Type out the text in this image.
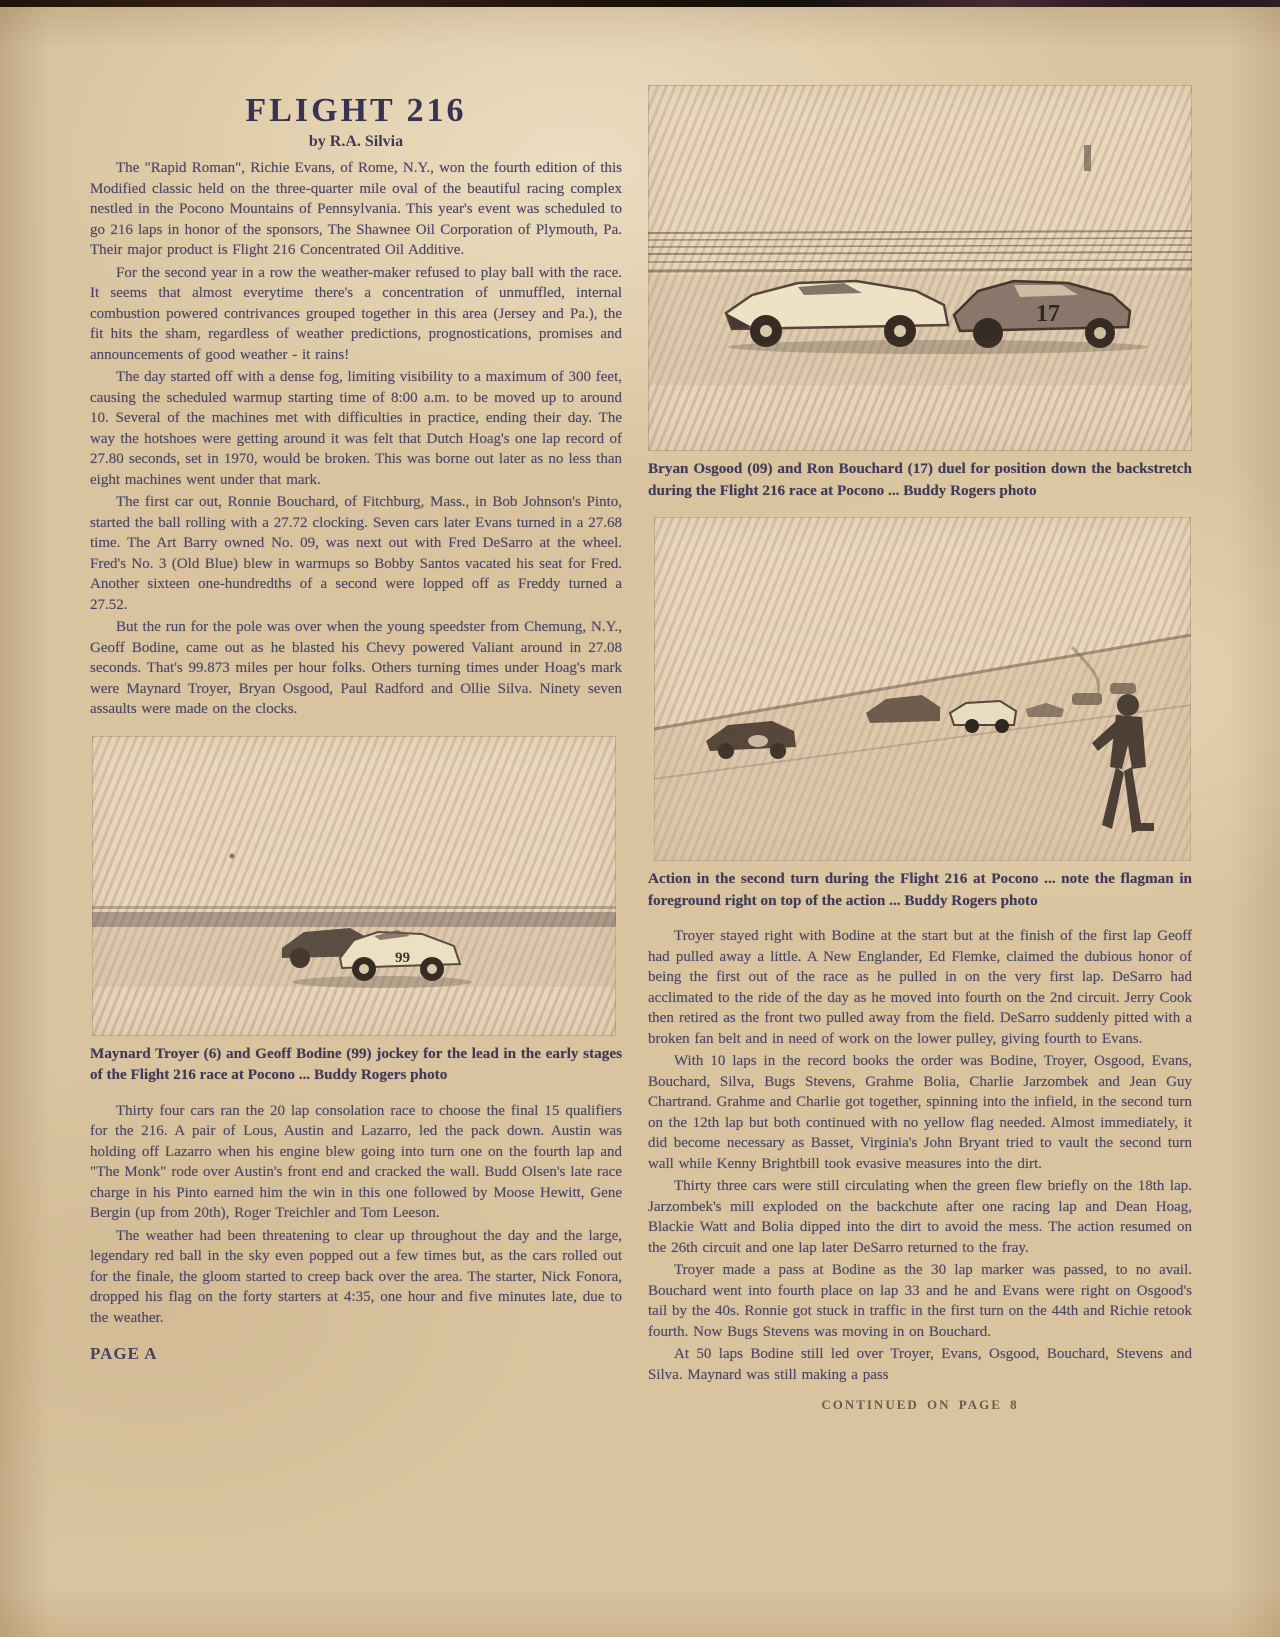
FLIGHT 216
by R.A. Silvia

The "Rapid Roman", Richie Evans, of Rome, N.Y., won the fourth edition of this Modified classic held on the three-quarter mile oval of the beautiful racing complex nestled in the Pocono Mountains of Pennsylvania. This year's event was scheduled to go 216 laps in honor of the sponsors, The Shawnee Oil Corporation of Plymouth, Pa. Their major product is Flight 216 Concentrated Oil Additive.

For the second year in a row the weather-maker refused to play ball with the race. It seems that almost everytime there's a concentration of unmuffled, internal combustion powered contrivances grouped together in this area (Jersey and Pa.), the fit hits the sham, regardless of weather predictions, prognostications, promises and announcements of good weather - it rains!

The day started off with a dense fog, limiting visibility to a maximum of 300 feet, causing the scheduled warmup starting time of 8:00 a.m. to be moved up to around 10. Several of the machines met with difficulties in practice, ending their day. The way the hotshoes were getting around it was felt that Dutch Hoag's one lap record of 27.80 seconds, set in 1970, would be broken. This was borne out later as no less than eight machines went under that mark.

The first car out, Ronnie Bouchard, of Fitchburg, Mass., in Bob Johnson's Pinto, started the ball rolling with a 27.72 clocking. Seven cars later Evans turned in a 27.68 time. The Art Barry owned No. 09, was next out with Fred DeSarro at the wheel. Fred's No. 3 (Old Blue) blew in warmups so Bobby Santos vacated his seat for Fred. Another sixteen one-hundredths of a second were lopped off as Freddy turned a 27.52.

But the run for the pole was over when the young speedster from Chemung, N.Y., Geoff Bodine, came out as he blasted his Chevy powered Valiant around in 27.08 seconds. That's 99.873 miles per hour folks. Others turning times under Hoag's mark were Maynard Troyer, Bryan Osgood, Paul Radford and Ollie Silva. Ninety seven assaults were made on the clocks.

99
Maynard Troyer (6) and Geoff Bodine (99) jockey for the lead in the early stages of the Flight 216 race at Pocono ... Buddy Rogers photo

Thirty four cars ran the 20 lap consolation race to choose the final 15 qualifiers for the 216. A pair of Lous, Austin and Lazarro, led the pack down. Austin was holding off Lazarro when his engine blew going into turn one on the fourth lap and "The Monk" rode over Austin's front end and cracked the wall. Budd Olsen's late race charge in his Pinto earned him the win in this one followed by Moose Hewitt, Gene Bergin (up from 20th), Roger Treichler and Tom Leeson.

The weather had been threatening to clear up throughout the day and the large, legendary red ball in the sky even popped out a few times but, as the cars rolled out for the finale, the gloom started to creep back over the area. The starter, Nick Fonora, dropped his flag on the forty starters at 4:35, one hour and five minutes late, due to the weather.

PAGE A
17
Bryan Osgood (09) and Ron Bouchard (17) duel for position down the backstretch during the Flight 216 race at Pocono ... Buddy Rogers photo
Action in the second turn during the Flight 216 at Pocono ... note the flagman in foreground right on top of the action ... Buddy Rogers photo

Troyer stayed right with Bodine at the start but at the finish of the first lap Geoff had pulled away a little. A New Englander, Ed Flemke, claimed the dubious honor of being the first out of the race as he pulled in on the very first lap. DeSarro had acclimated to the ride of the day as he moved into fourth on the 2nd circuit. Jerry Cook then retired as the front two pulled away from the field. DeSarro suddenly pitted with a broken fan belt and in need of work on the lower pulley, giving fourth to Evans.

With 10 laps in the record books the order was Bodine, Troyer, Osgood, Evans, Bouchard, Silva, Bugs Stevens, Grahme Bolia, Charlie Jarzombek and Jean Guy Chartrand. Grahme and Charlie got together, spinning into the infield, in the second turn on the 12th lap but both continued with no yellow flag needed. Almost immediately, it did become necessary as Basset, Virginia's John Bryant tried to vault the second turn wall while Kenny Brightbill took evasive measures into the dirt.

Thirty three cars were still circulating when the green flew briefly on the 18th lap. Jarzombek's mill exploded on the backchute after one racing lap and Dean Hoag, Blackie Watt and Bolia dipped into the dirt to avoid the mess. The action resumed on the 26th circuit and one lap later DeSarro returned to the fray.

Troyer made a pass at Bodine as the 30 lap marker was passed, to no avail. Bouchard went into fourth place on lap 33 and he and Evans were right on Osgood's tail by the 40s. Ronnie got stuck in traffic in the first turn on the 44th and Richie retook fourth. Now Bugs Stevens was moving in on Bouchard.

At 50 laps Bodine still led over Troyer, Evans, Osgood, Bouchard, Stevens and Silva. Maynard was still making a pass

CONTINUED ON PAGE 8
